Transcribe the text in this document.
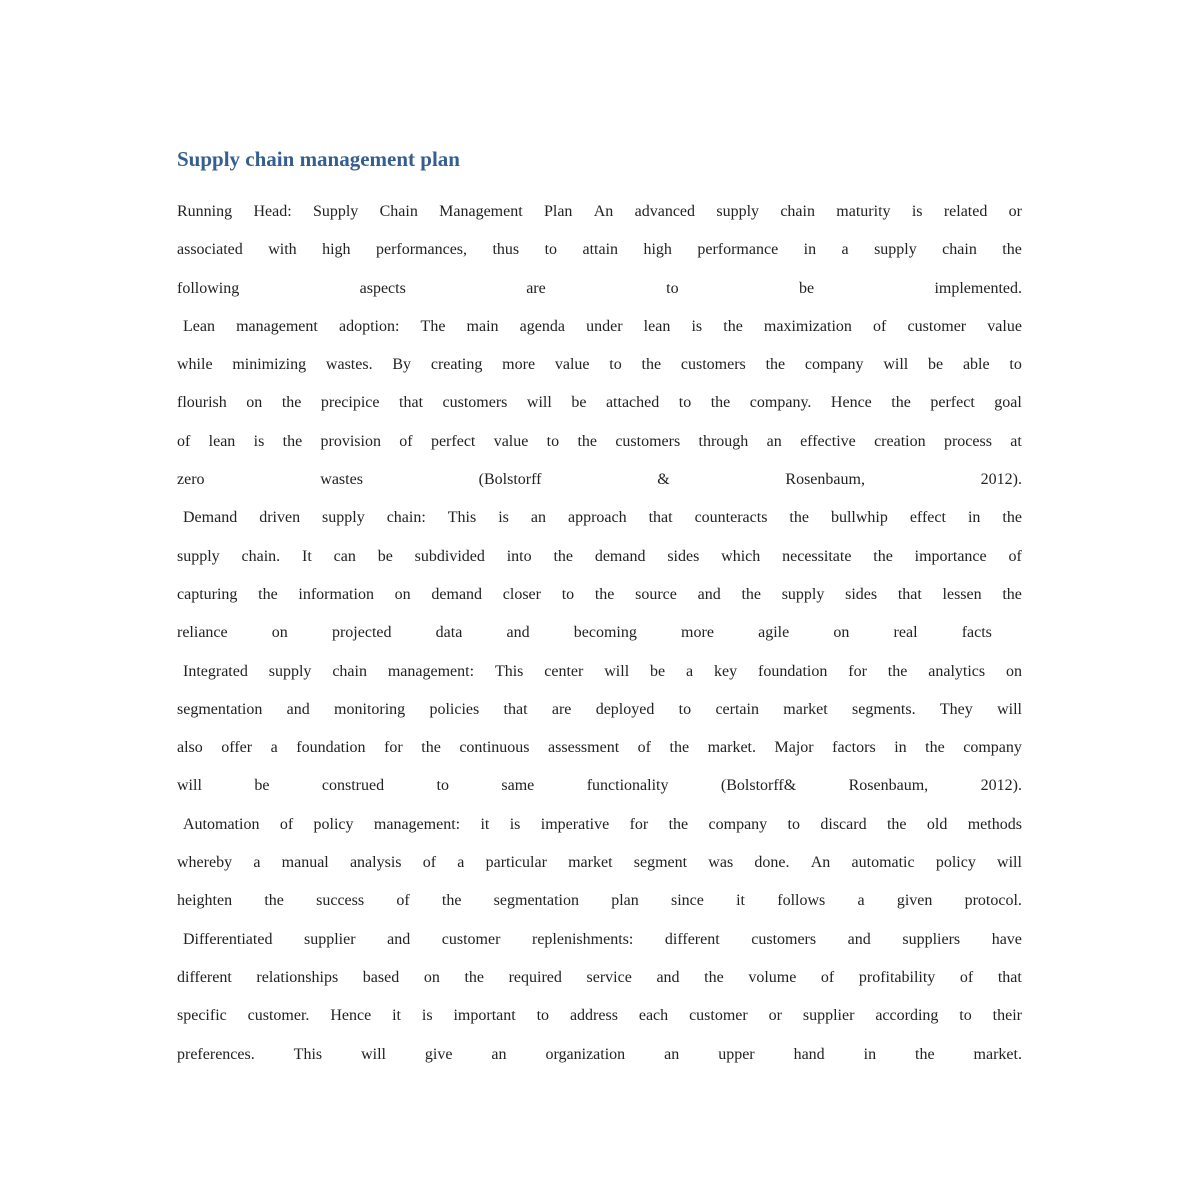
Supply chain management plan
Running Head: Supply Chain Management Plan An advanced supply chain maturity is related or
associated with high performances, thus to attain high performance in a supply chain the
following	aspects	are	to	be	implemented.
Lean management adoption: The main agenda under lean is the maximization of customer value
while minimizing wastes. By creating more value to the customers the company will be able to
flourish on the precipice that customers will be attached to the company. Hence the perfect goal
of lean is the provision of perfect value to the customers through an effective creation process at
zero	wastes	(Bolstorff	&	Rosenbaum,	2012).
Demand driven supply chain: This is an approach that counteracts the bullwhip effect in the
supply chain. It can be subdivided into the demand sides which necessitate the importance of
capturing the information on demand closer to the source and the supply sides that lessen the
reliance	on	projected	data	and	becoming	more	agile	on	real	facts
Integrated supply chain management: This center will be a key foundation for the analytics on
segmentation and monitoring policies that are deployed to certain market segments. They will
also offer a foundation for the continuous assessment of the market. Major factors in the company
will	be	construed	to	same	functionality	(Bolstorff&	Rosenbaum,	2012).
Automation of policy management: it is imperative for the company to discard the old methods
whereby a manual analysis of a particular market segment was done. An automatic policy will
heighten the success of the segmentation plan since it follows a given protocol.
Differentiated supplier and customer replenishments: different customers and suppliers have
different relationships based on the required service and the volume of profitability of that
specific customer. Hence it is important to address each customer or supplier according to their
preferences. This will give an organization an upper hand in the market.
